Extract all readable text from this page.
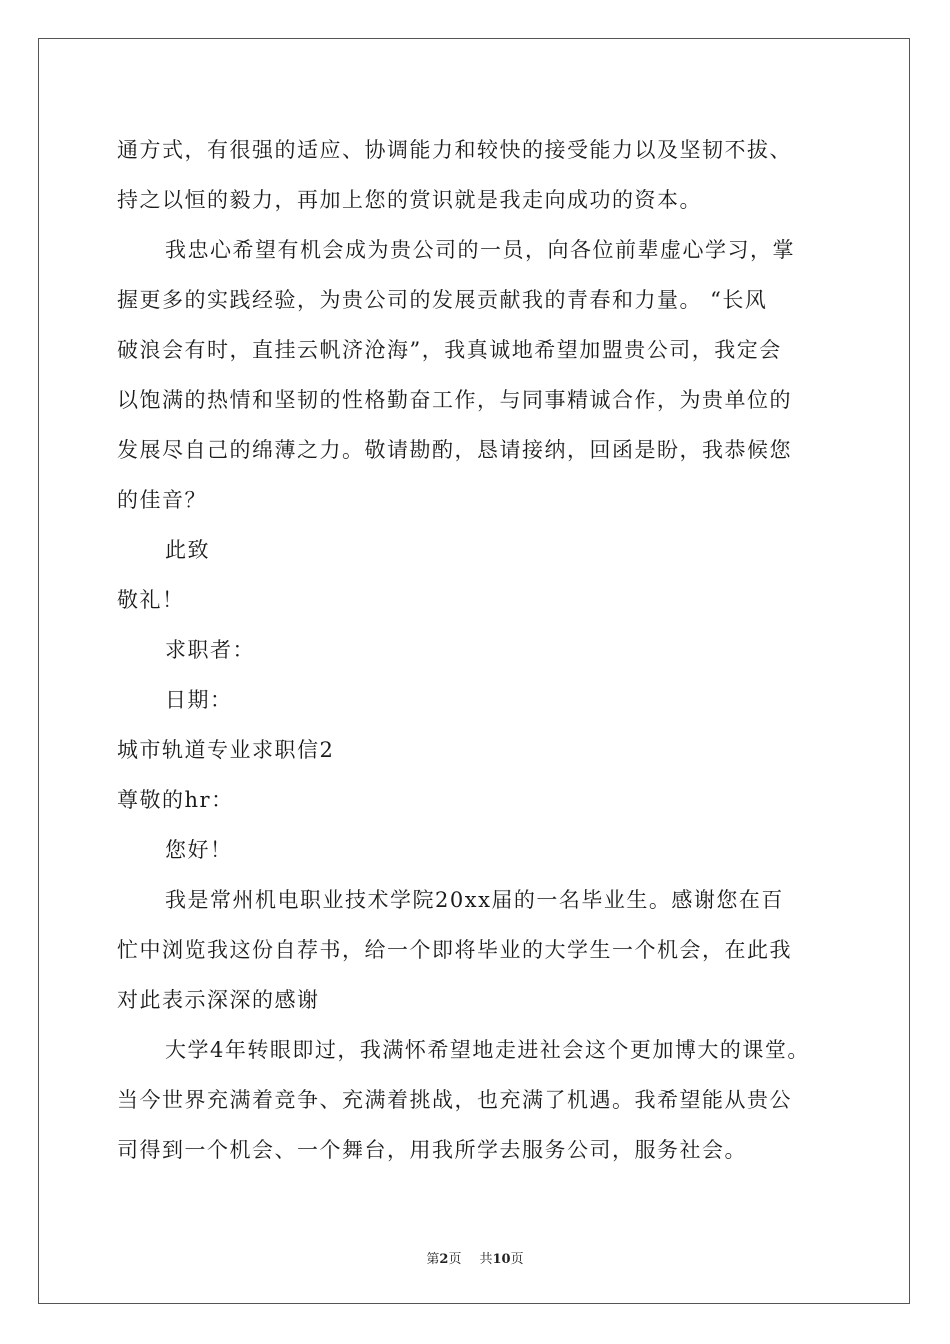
通方式，有很强的适应、协调能力和较快的接受能力以及坚韧不拔、
持之以恒的毅力，再加上您的赏识就是我走向成功的资本。
我忠心希望有机会成为贵公司的一员，向各位前辈虚心学习，掌
握更多的实践经验，为贵公司的发展贡献我的青春和力量。 “长风
破浪会有时，直挂云帆济沧海”，我真诚地希望加盟贵公司，我定会
以饱满的热情和坚韧的性格勤奋工作，与同事精诚合作，为贵单位的
发展尽自己的绵薄之力。敬请勘酌，恳请接纳，回函是盼，我恭候您
的佳音？
此致
敬礼！
求职者：
日期：
城市轨道专业求职信2
尊敬的hr：
您好！
我是常州机电职业技术学院20xx届的一名毕业生。感谢您在百
忙中浏览我这份自荐书，给一个即将毕业的大学生一个机会，在此我
对此表示深深的感谢
大学4年转眼即过，我满怀希望地走进社会这个更加博大的课堂。
当今世界充满着竞争、充满着挑战，也充满了机遇。我希望能从贵公
司得到一个机会、一个舞台，用我所学去服务公司，服务社会。
第2页 共10页
